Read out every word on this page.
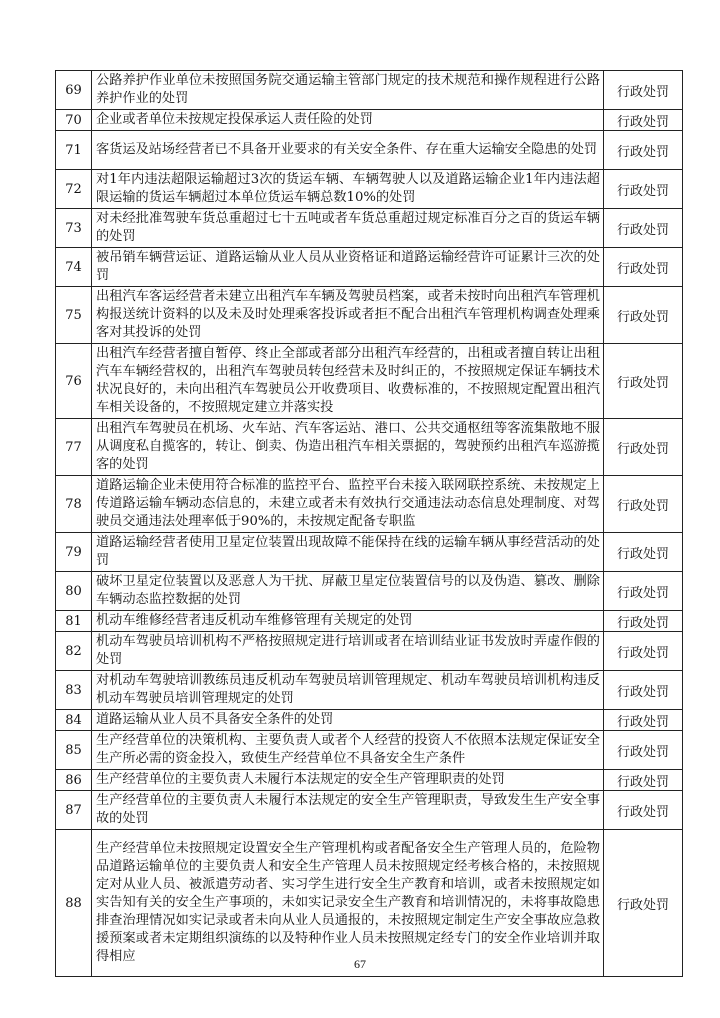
69	公路养护作业单位未按照国务院交通运输主管部门规定的技术规范和操作规程进行公路养护作业的处罚	行政处罚
70	企业或者单位未按规定投保承运人责任险的处罚	行政处罚
71	客货运及站场经营者已不具备开业要求的有关安全条件、存在重大运输安全隐患的处罚	行政处罚
72	对1年内违法超限运输超过3次的货运车辆、车辆驾驶人以及道路运输企业1年内违法超限运输的货运车辆超过本单位货运车辆总数10%的处罚	行政处罚
73	对未经批准驾驶车货总重超过七十五吨或者车货总重超过规定标准百分之百的货运车辆的处罚	行政处罚
74	被吊销车辆营运证、道路运输从业人员从业资格证和道路运输经营许可证累计三次的处罚	行政处罚
75	出租汽车客运经营者未建立出租汽车车辆及驾驶员档案，或者未按时向出租汽车管理机构报送统计资料的以及未及时处理乘客投诉或者拒不配合出租汽车管理机构调查处理乘客对其投诉的处罚	行政处罚
76	出租汽车经营者擅自暂停、终止全部或者部分出租汽车经营的，出租或者擅自转让出租汽车车辆经营权的，出租汽车驾驶员转包经营未及时纠正的，不按照规定保证车辆技术状况良好的，未向出租汽车驾驶员公开收费项目、收费标准的，不按照规定配置出租汽车相关设备的，不按照规定建立并落实投	行政处罚
77	出租汽车驾驶员在机场、火车站、汽车客运站、港口、公共交通枢纽等客流集散地不服从调度私自揽客的，转让、倒卖、伪造出租汽车相关票据的，驾驶预约出租汽车巡游揽客的处罚	行政处罚
78	道路运输企业未使用符合标准的监控平台、监控平台未接入联网联控系统、未按规定上传道路运输车辆动态信息的，未建立或者未有效执行交通违法动态信息处理制度、对驾驶员交通违法处理率低于90%的，未按规定配备专职监	行政处罚
79	道路运输经营者使用卫星定位装置出现故障不能保持在线的运输车辆从事经营活动的处罚	行政处罚
80	破坏卫星定位装置以及恶意人为干扰、屏蔽卫星定位装置信号的以及伪造、篡改、删除车辆动态监控数据的处罚	行政处罚
81	机动车维修经营者违反机动车维修管理有关规定的处罚	行政处罚
82	机动车驾驶员培训机构不严格按照规定进行培训或者在培训结业证书发放时弄虚作假的处罚	行政处罚
83	对机动车驾驶培训教练员违反机动车驾驶员培训管理规定、机动车驾驶员培训机构违反机动车驾驶员培训管理规定的处罚	行政处罚
84	道路运输从业人员不具备安全条件的处罚	行政处罚
85	生产经营单位的决策机构、主要负责人或者个人经营的投资人不依照本法规定保证安全生产所必需的资金投入，致使生产经营单位不具备安全生产条件	行政处罚
86	生产经营单位的主要负责人未履行本法规定的安全生产管理职责的处罚	行政处罚
87	生产经营单位的主要负责人未履行本法规定的安全生产管理职责，导致发生生产安全事故的处罚	行政处罚
88	生产经营单位未按照规定设置安全生产管理机构或者配备安全生产管理人员的，危险物品道路运输单位的主要负责人和安全生产管理人员未按照规定经考核合格的，未按照规定对从业人员、被派遣劳动者、实习学生进行安全生产教育和培训，或者未按照规定如实告知有关的安全生产事项的，未如实记录安全生产教育和培训情况的，未将事故隐患排查治理情况如实记录或者未向从业人员通报的，未按照规定制定生产安全事故应急救援预案或者未定期组织演练的以及特种作业人员未按照规定经专门的安全作业培训并取得相应	行政处罚
67
